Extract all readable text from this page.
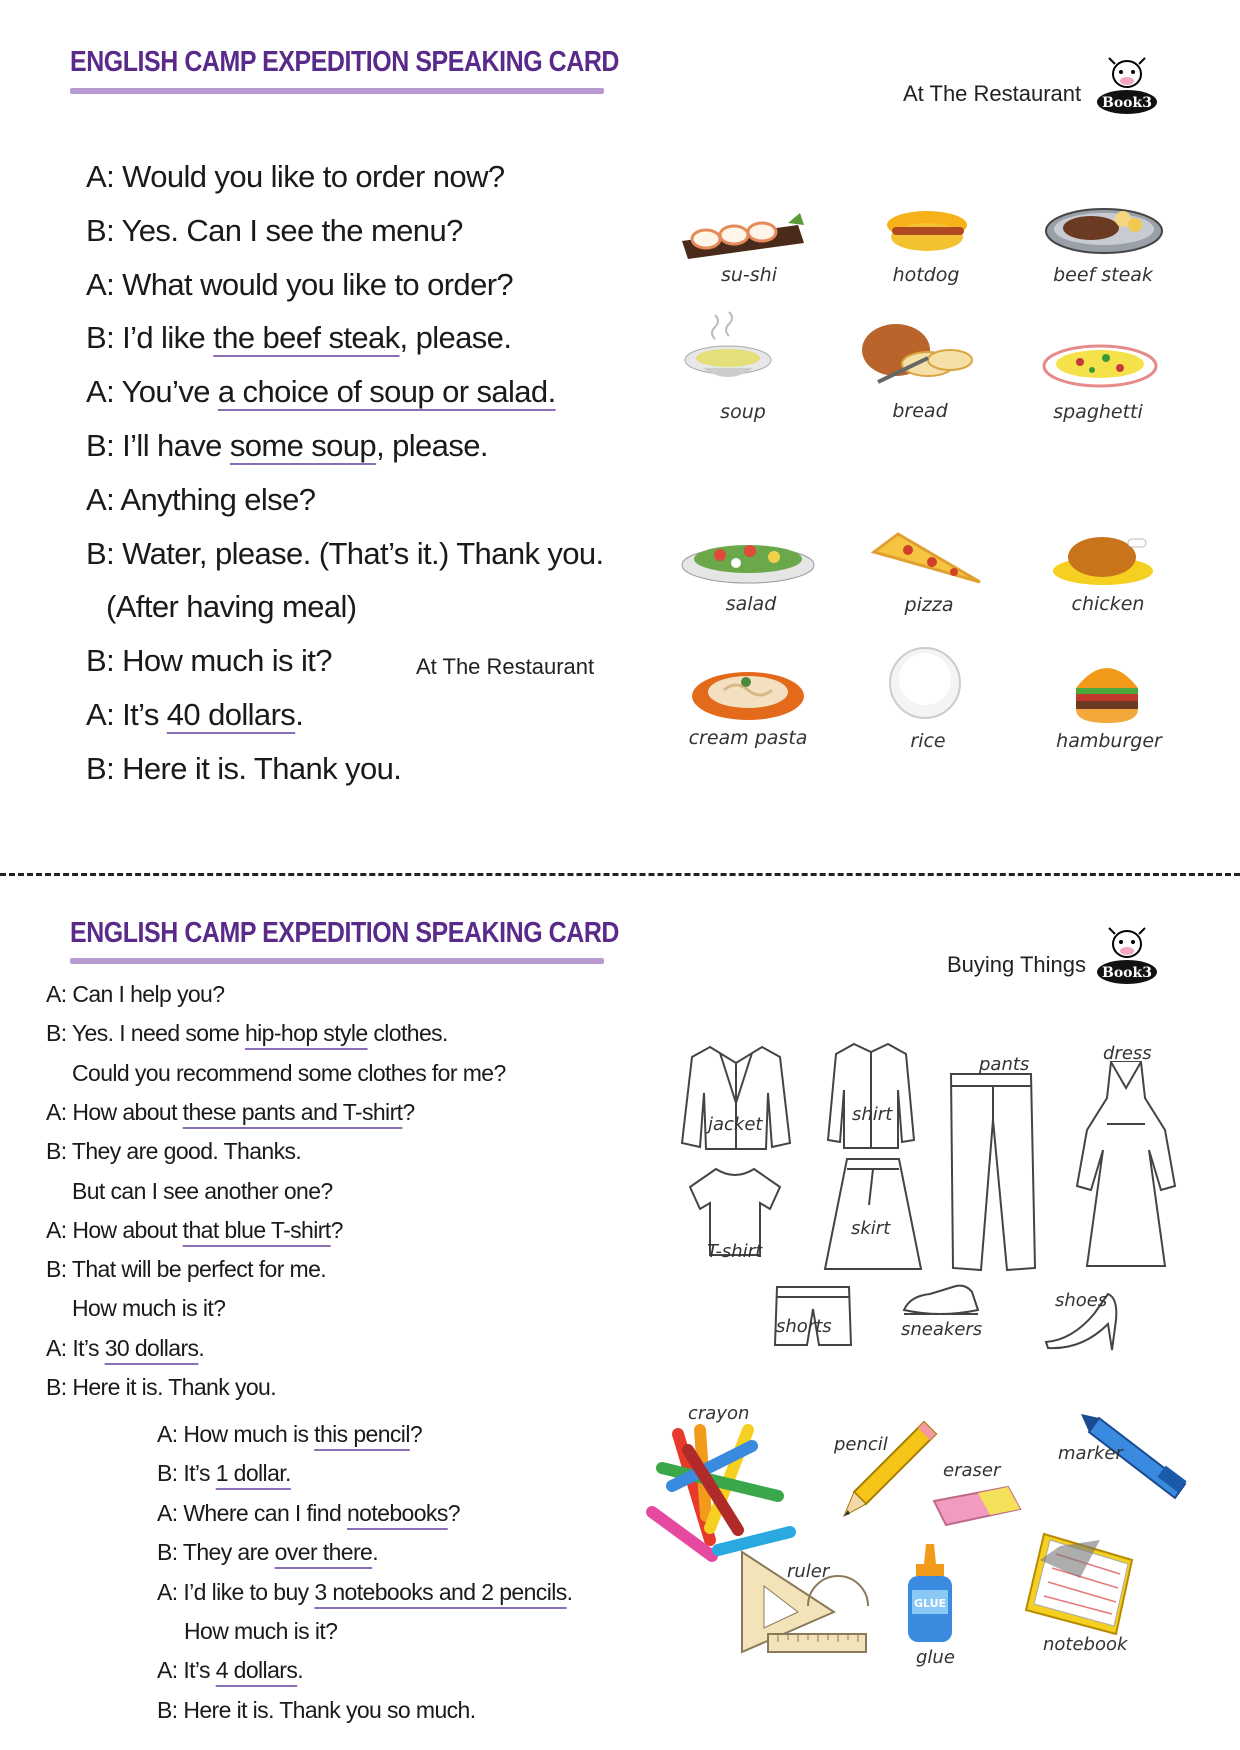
ENGLISH CAMP EXPEDITION SPEAKING CARD
At The Restaurant Book3
A: Would you like to order now?
B: Yes. Can I see the menu?
A: What would you like to order?
B: I’d like the beef steak, please.
A: You’ve a choice of soup or salad.
B: I’ll have some soup, please.
A: Anything else?
B: Water, please. (That’s it.) Thank you.
(After having meal)
B: How much is it?
A: It’s 40 dollars.
B: Here it is. Thank you.
At The Restaurant
su-shi	hotdog	beef steak
soup	bread	spaghetti
salad	pizza	chicken
cream pasta	rice	hamburger
ENGLISH CAMP EXPEDITION SPEAKING CARD
Buying Things Book3
A: Can I help you?
B: Yes. I need some hip-hop style clothes.
Could you recommend some clothes for me?
A: How about these pants and T-shirt?
B: They are good. Thanks.
But can I see another one?
A: How about that blue T-shirt?
B: That will be perfect for me.
How much is it?
A: It’s 30 dollars.
B: Here it is. Thank you.
A: How much is this pencil?
B: It’s 1 dollar.
A: Where can I find notebooks?
B: They are over there.
A: I’d like to buy 3 notebooks and 2 pencils.
How much is it?
A: It’s 4 dollars.
B: Here it is. Thank you so much.
jacket	shirt
pants
dress
T-shirt
skirt
shorts	sneakers
shoes
GLUE
crayon
pencil
eraser
marker
ruler
glue
notebook
